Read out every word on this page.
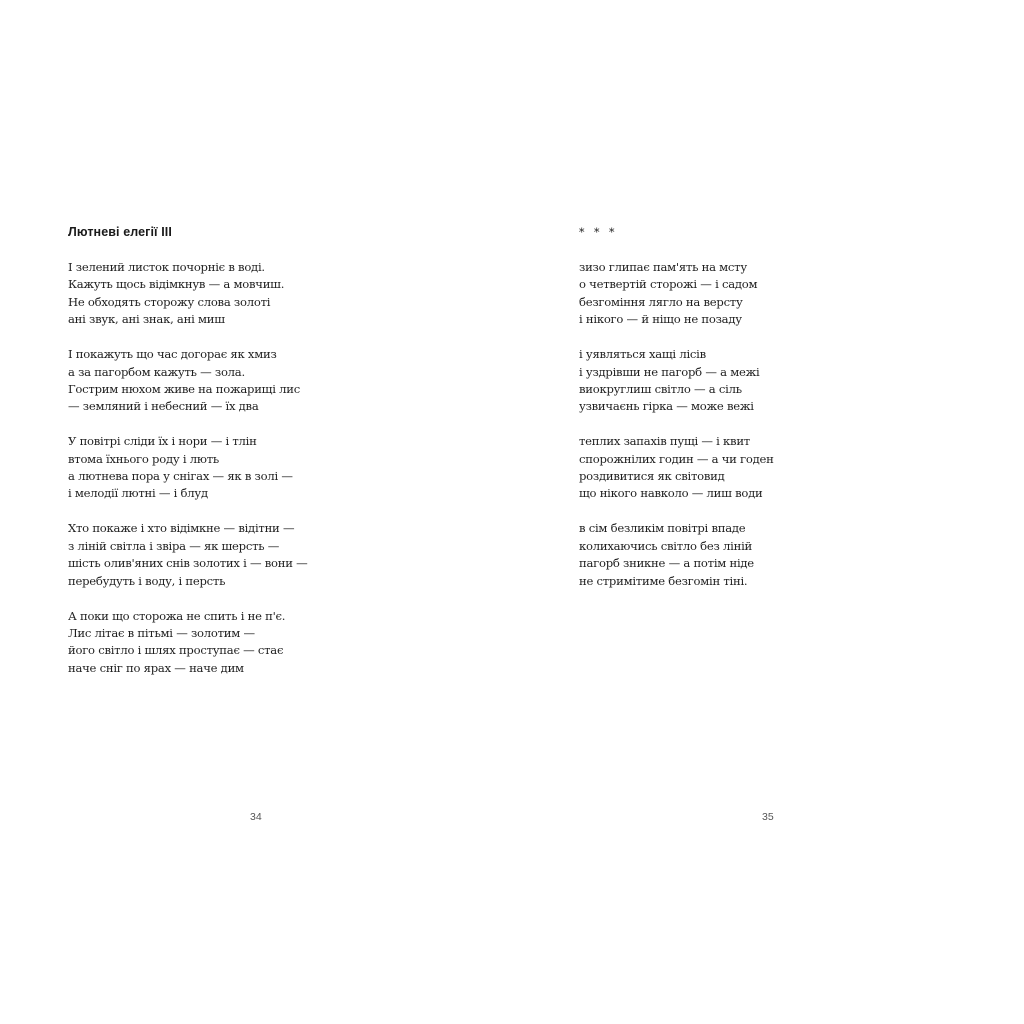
Лютневі елегії III
І зелений листок почорніє в воді.
Кажуть щось відімкнув — а мовчиш.
Не обходять сторожу слова золоті
ані звук, ані знак, ані миш
І покажуть що час догорає як хмиз
а за пагорбом кажуть — зола.
Гострим нюхом живе на пожарищі лис
— земляний і небесний — їх два
У повітрі сліди їх і нори — і тлін
втома їхнього роду і лють
а лютнева пора у снігах — як в золі —
і мелодії лютні — і блуд
Хто покаже і хто відімкне — відітни —
з ліній світла і звіра — як шерсть —
шість олив'яних снів золотих і — вони —
перебудуть і воду, і персть
А поки що сторожа не спить і не п'є.
Лис літає в пітьмі — золотим —
його світло і шлях проступає — стає
наче сніг по ярах — наче дим
34
* * *
зизо глипає пам'ять на мсту
о четвертій сторожі — і садом
безгоміння лягло на версту
і нікого — й ніщо не позаду
і уявляться хащі лісів
і уздрівши не пагорб — а межі
виокруглиш світло — а сіль
узвичаєнь гірка — може вежі
теплих запахів пущі — і квит
спорожнілих годин — а чи годен
роздивитися як світовид
що нікого навколо — лиш води
в сім безликім повітрі впаде
колихаючись світло без ліній
пагорб зникне — а потім ніде
не стримітиме безгомін тіні.
35
